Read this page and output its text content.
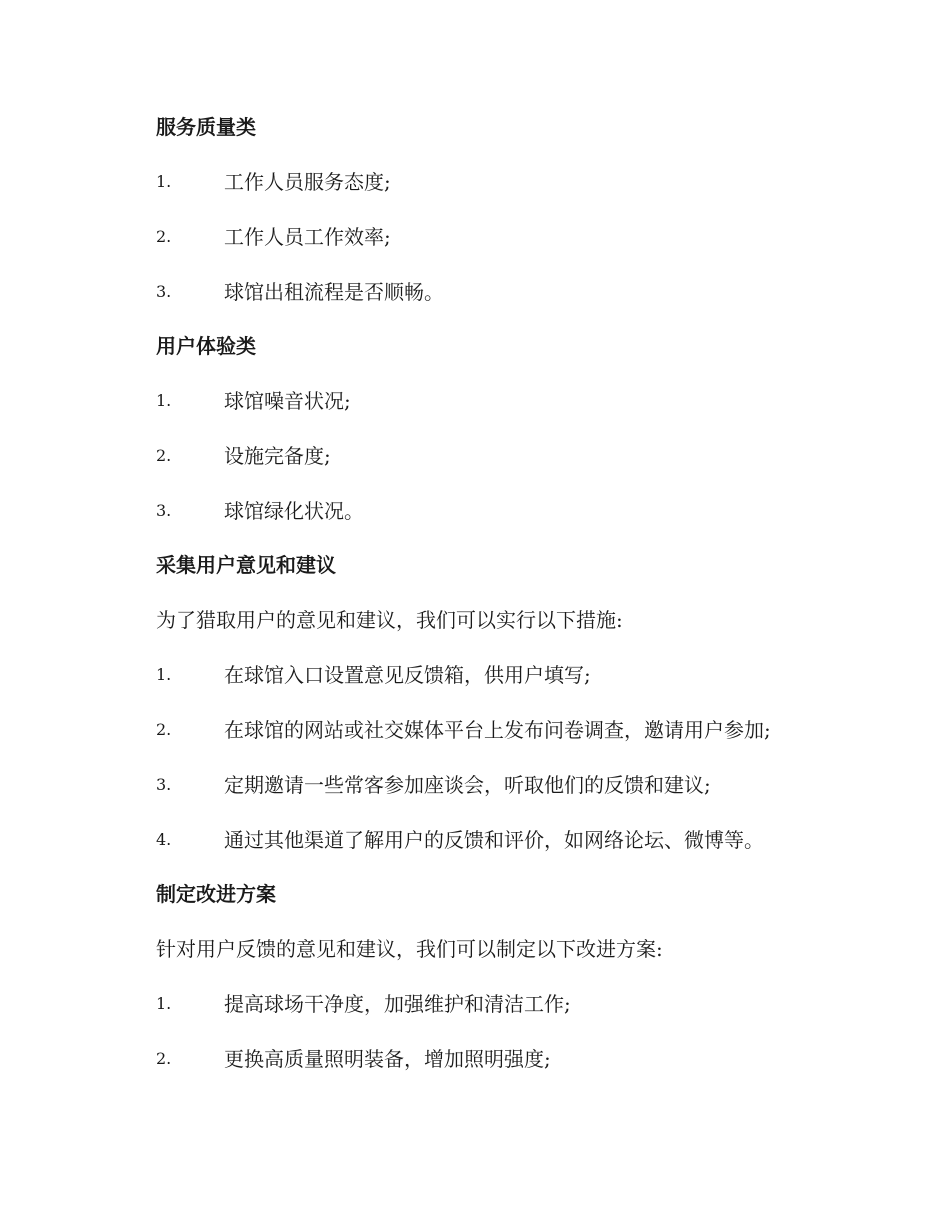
服务质量类
1.	工作人员服务态度;
2.	工作人员工作效率;
3.	球馆出租流程是否顺畅。
用户体验类
1.	球馆噪音状况;
2.	设施完备度;
3.	球馆绿化状况。
采集用户意见和建议
为了猎取用户的意见和建议，我们可以实行以下措施:
1.	在球馆入口设置意见反馈箱，供用户填写;
2.	在球馆的网站或社交媒体平台上发布问卷调查，邀请用户参加;
3.	定期邀请一些常客参加座谈会，听取他们的反馈和建议;
4.	通过其他渠道了解用户的反馈和评价，如网络论坛、微博等。
制定改进方案
针对用户反馈的意见和建议，我们可以制定以下改进方案:
1.	提高球场干净度，加强维护和清洁工作;
2.	更换高质量照明装备，增加照明强度;
